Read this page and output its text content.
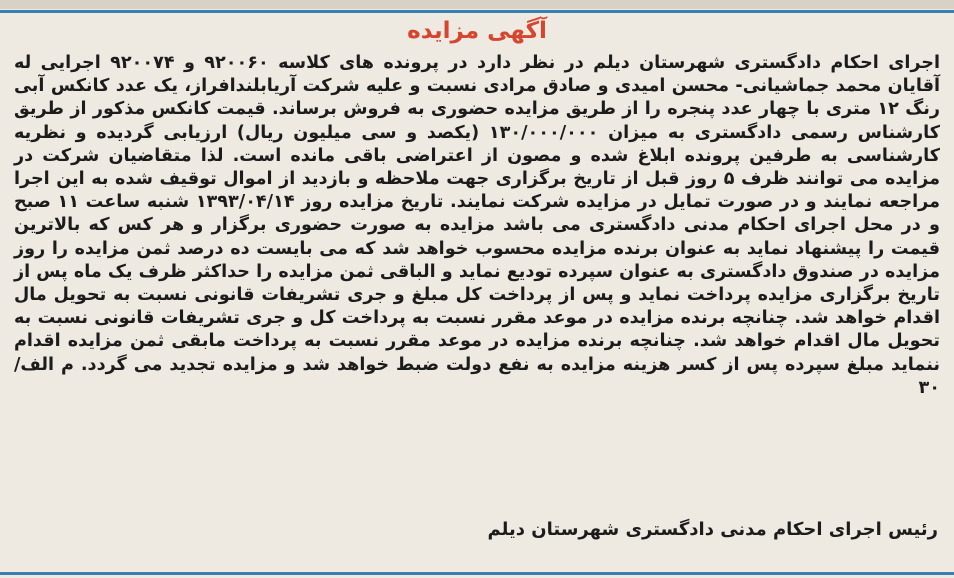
آگهی مزایده
اجرای احکام دادگستری شهرستان دیلم در نظر دارد در پرونده های کلاسه ۹۲۰۰۶۰ و ۹۲۰۰۷۴ اجرایی له آقایان محمد جماشیانی- محسن امیدی و صادق مرادی نسبت و علیه شرکت آریابلندافراز، یک عدد کانکس آبی رنگ ۱۲ متری با چهار عدد پنجره را از طریق مزایده حضوری به فروش برساند. قیمت کانکس مذکور از طریق کارشناس رسمی دادگستری به میزان ۱۳۰/۰۰۰/۰۰۰ (یکصد و سی میلیون ریال) ارزیابی گردیده و نظریه کارشناسی به طرفین پرونده ابلاغ شده و مصون از اعتراضی باقی مانده است. لذا متقاضیان شرکت در مزایده می توانند ظرف ۵ روز قبل از تاریخ برگزاری جهت ملاحظه و بازدید از اموال توقیف شده به این اجرا مراجعه نمایند و در صورت تمایل در مزایده شرکت نمایند. تاریخ مزایده روز ۱۳۹۳/۰۴/۱۴ شنبه ساعت ۱۱ صبح و در محل اجرای احکام مدنی دادگستری می باشد مزایده به صورت حضوری برگزار و هر کس که بالاترین قیمت را پیشنهاد نماید به عنوان برنده مزایده محسوب خواهد شد که می بایست ده درصد ثمن مزایده را روز مزایده در صندوق دادگستری به عنوان سپرده تودیع نماید و الباقی ثمن مزایده را حداکثر ظرف یک ماه پس از تاریخ برگزاری مزایده پرداخت نماید و پس از پرداخت کل مبلغ و جری تشریفات قانونی نسبت به تحویل مال اقدام خواهد شد. چنانچه برنده مزایده در موعد مقرر نسبت به پرداخت کل و جری تشریفات قانونی نسبت به تحویل مال اقدام خواهد شد. چنانچه برنده مزایده در موعد مقرر نسبت به پرداخت مابقی ثمن مزایده اقدام ننماید مبلغ سپرده پس از کسر هزینه مزایده به نفع دولت ضبط خواهد شد و مزایده تجدید می گردد. م الف/ ۳۰
رئیس اجرای احکام مدنی دادگستری شهرستان دیلم
